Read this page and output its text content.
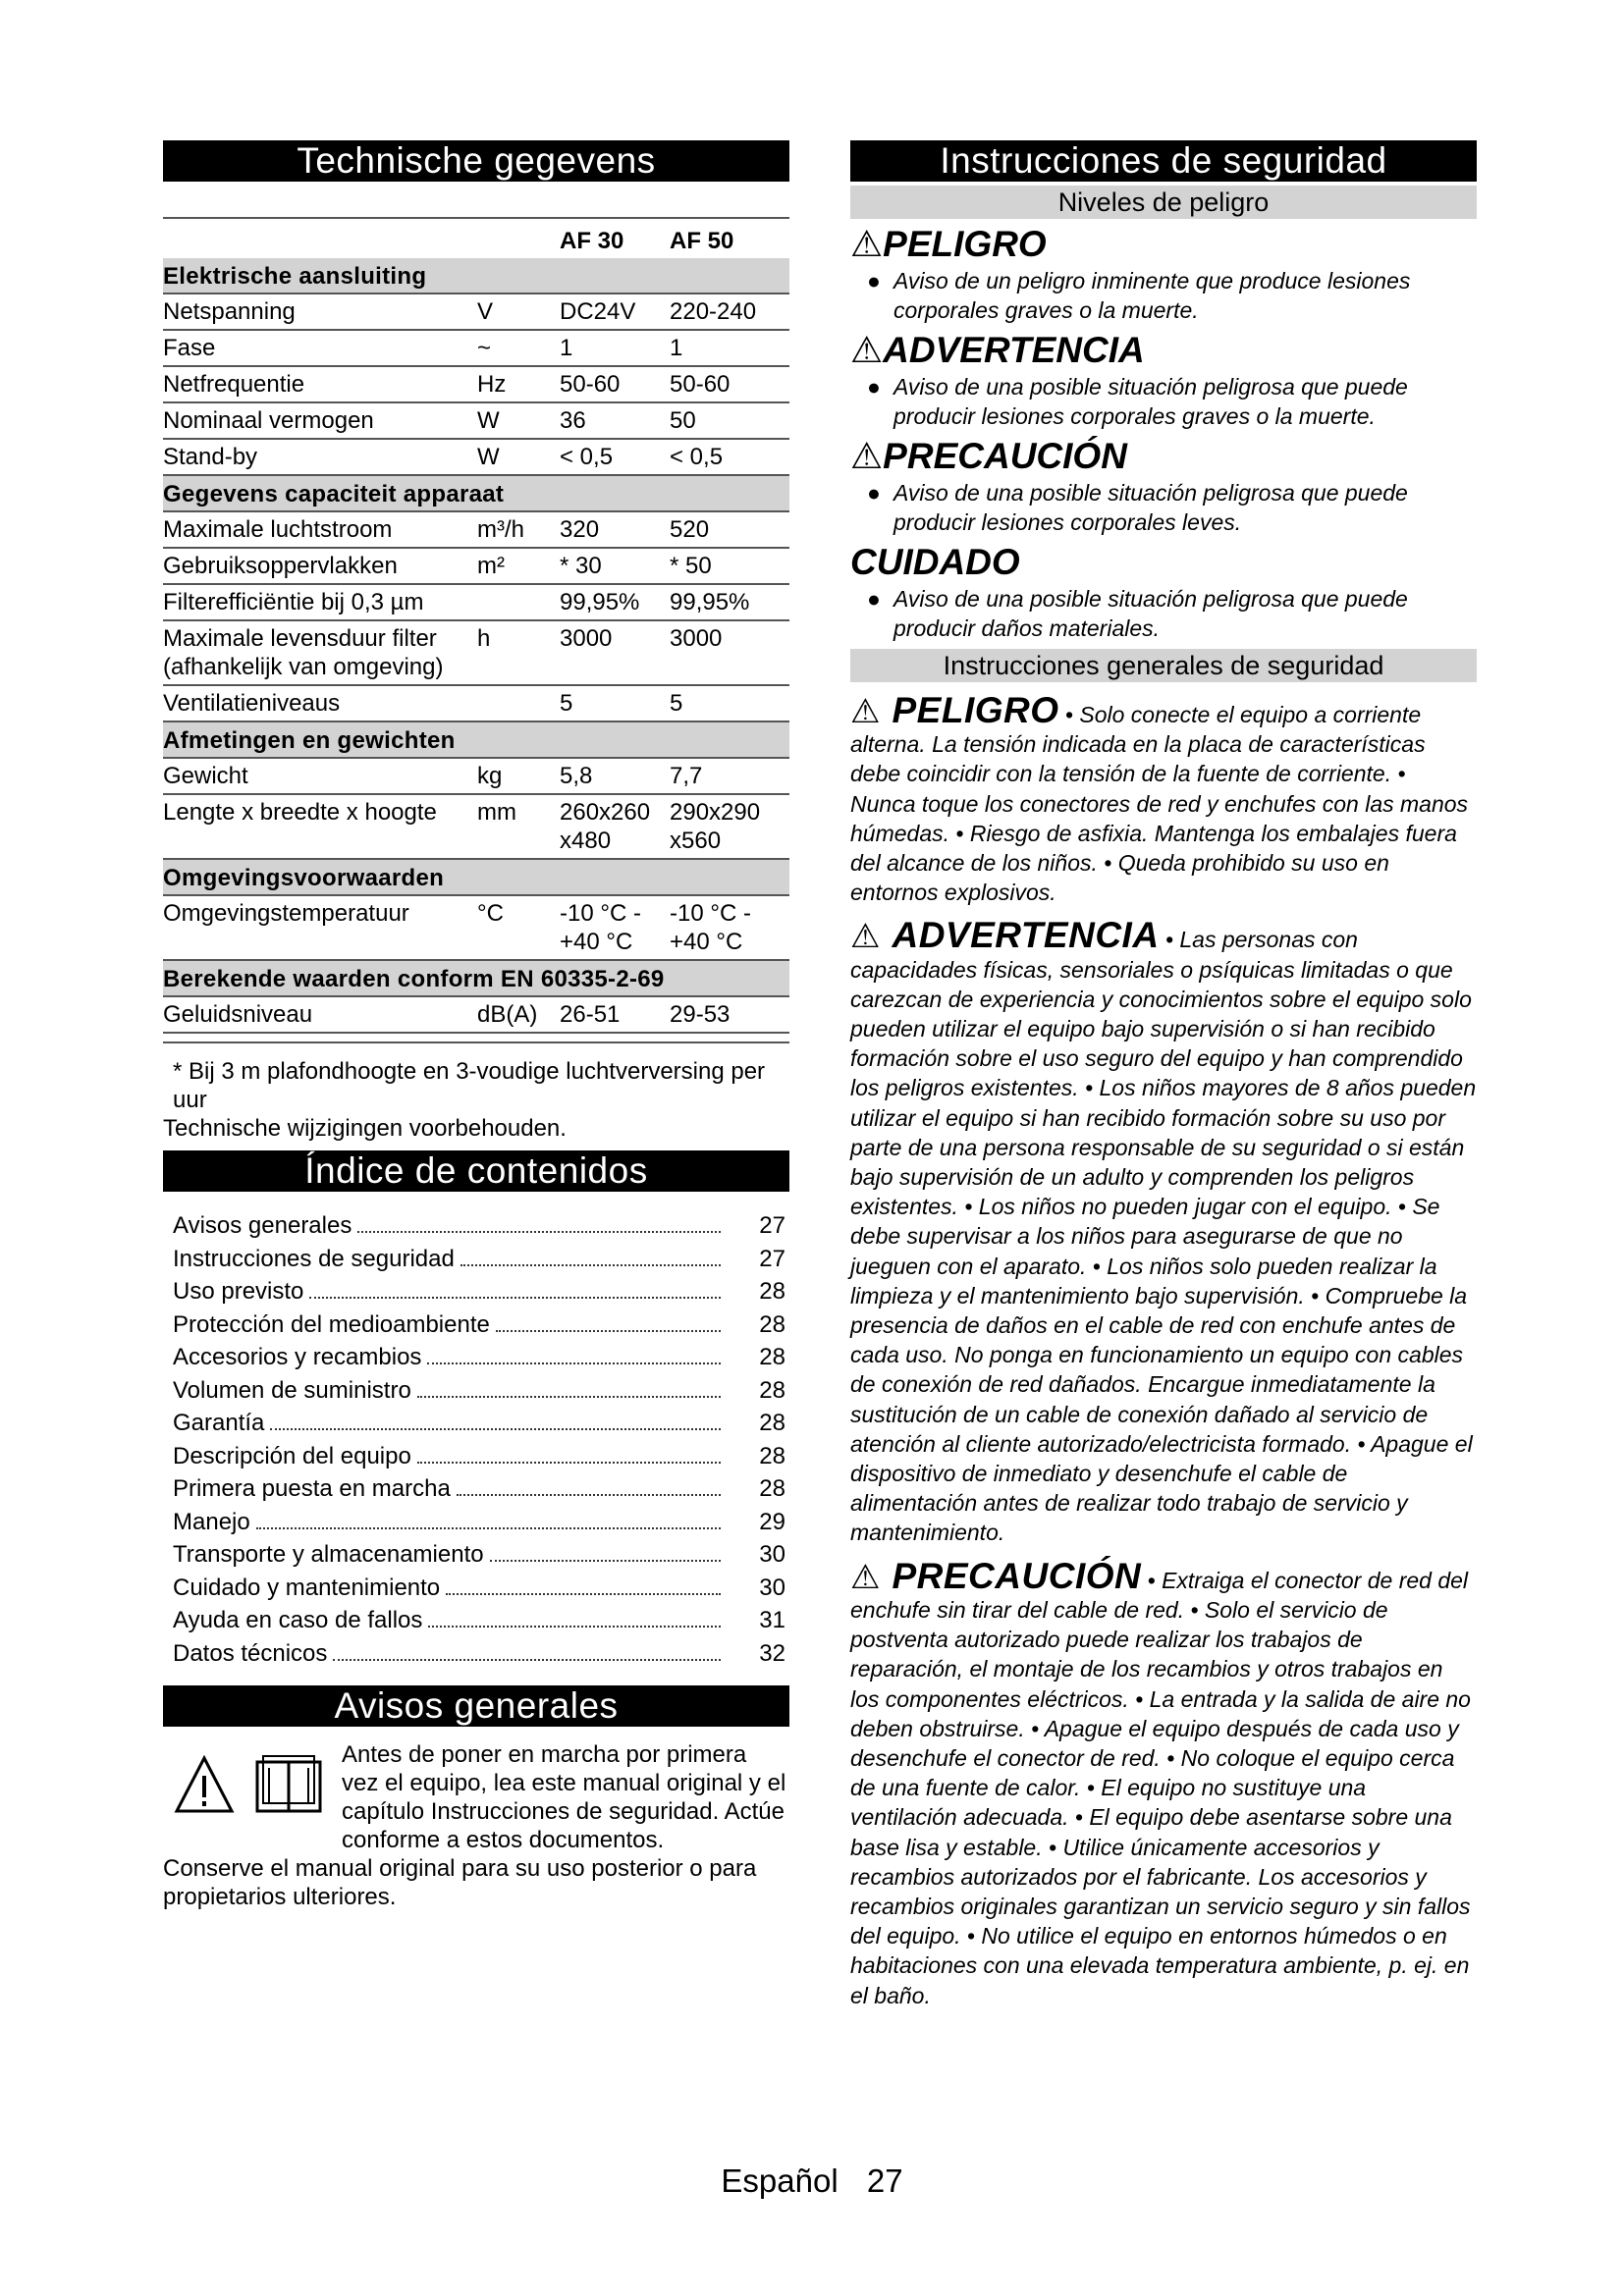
Technische gegevens
		AF 30	AF 50
Elektrische aansluiting			
Netspanning	V	DC24V	220-240
Fase	~	1	1
Netfrequentie	Hz	50-60	50-60
Nominaal vermogen	W	36	50
Stand-by	W	< 0,5	< 0,5
Gegevens capaciteit apparaat			
Maximale luchtstroom	m³/h	320	520
Gebruiksoppervlakken	m²	* 30	* 50
Filterefficiëntie bij 0,3 µm		99,95%	99,95%
Maximale levensduur filter (afhankelijk van omgeving)	h	3000	3000
Ventilatieniveaus		5	5
Afmetingen en gewichten			
Gewicht	kg	5,8	7,7
Lengte x breedte x hoogte	mm	260x260 x480	290x290 x560
Omgevingsvoorwaarden			
Omgevingstemperatuur	°C	-10 °C - +40 °C	-10 °C - +40 °C
Berekende waarden conform EN 60335-2-69			
Geluidsniveau	dB(A)	26-51	29-53
* Bij 3 m plafondhoogte en 3-voudige luchtverversing per uur
Technische wijzigingen voorbehouden.
Índice de contenidos
Avisos generales	27
Instrucciones de seguridad	27
Uso previsto	28
Protección del medioambiente	28
Accesorios y recambios	28
Volumen de suministro	28
Garantía	28
Descripción del equipo	28
Primera puesta en marcha	28
Manejo	29
Transporte y almacenamiento	30
Cuidado y mantenimiento	30
Ayuda en caso de fallos	31
Datos técnicos	32
Avisos generales
Antes de poner en marcha por primera vez el equipo, lea este manual original y el capítulo Instrucciones de seguridad. Actúe conforme a estos documentos.
Conserve el manual original para su uso posterior o para propietarios ulteriores.
Instrucciones de seguridad
Niveles de peligro
⚠PELIGRO
● Aviso de un peligro inminente que produce lesiones corporales graves o la muerte.
⚠ADVERTENCIA
● Aviso de una posible situación peligrosa que puede producir lesiones corporales graves o la muerte.
⚠PRECAUCIÓN
● Aviso de una posible situación peligrosa que puede producir lesiones corporales leves.
CUIDADO
● Aviso de una posible situación peligrosa que puede producir daños materiales.
Instrucciones generales de seguridad
⚠ PELIGRO • Solo conecte el equipo a corriente alterna. La tensión indicada en la placa de características debe coincidir con la tensión de la fuente de corriente. • Nunca toque los conectores de red y enchufes con las manos húmedas. • Riesgo de asfixia. Mantenga los embalajes fuera del alcance de los niños. • Queda prohibido su uso en entornos explosivos.
⚠ ADVERTENCIA • Las personas con capacidades físicas, sensoriales o psíquicas limitadas o que carezcan de experiencia y conocimientos sobre el equipo solo pueden utilizar el equipo bajo supervisión o si han recibido formación sobre el uso seguro del equipo y han comprendido los peligros existentes. • Los niños mayores de 8 años pueden utilizar el equipo si han recibido formación sobre su uso por parte de una persona responsable de su seguridad o si están bajo supervisión de un adulto y comprenden los peligros existentes. • Los niños no pueden jugar con el equipo. • Se debe supervisar a los niños para asegurarse de que no jueguen con el aparato. • Los niños solo pueden realizar la limpieza y el mantenimiento bajo supervisión. • Compruebe la presencia de daños en el cable de red con enchufe antes de cada uso. No ponga en funcionamiento un equipo con cables de conexión de red dañados. Encargue inmediatamente la sustitución de un cable de conexión dañado al servicio de atención al cliente autorizado/electricista formado. • Apague el dispositivo de inmediato y desenchufe el cable de alimentación antes de realizar todo trabajo de servicio y mantenimiento.
⚠ PRECAUCIÓN • Extraiga el conector de red del enchufe sin tirar del cable de red. • Solo el servicio de postventa autorizado puede realizar los trabajos de reparación, el montaje de los recambios y otros trabajos en los componentes eléctricos. • La entrada y la salida de aire no deben obstruirse. • Apague el equipo después de cada uso y desenchufe el conector de red. • No coloque el equipo cerca de una fuente de calor. • El equipo no sustituye una ventilación adecuada. • El equipo debe asentarse sobre una base lisa y estable. • Utilice únicamente accesorios y recambios autorizados por el fabricante. Los accesorios y recambios originales garantizan un servicio seguro y sin fallos del equipo. • No utilice el equipo en entornos húmedos o en habitaciones con una elevada temperatura ambiente, p. ej. en el baño.
Español 27
